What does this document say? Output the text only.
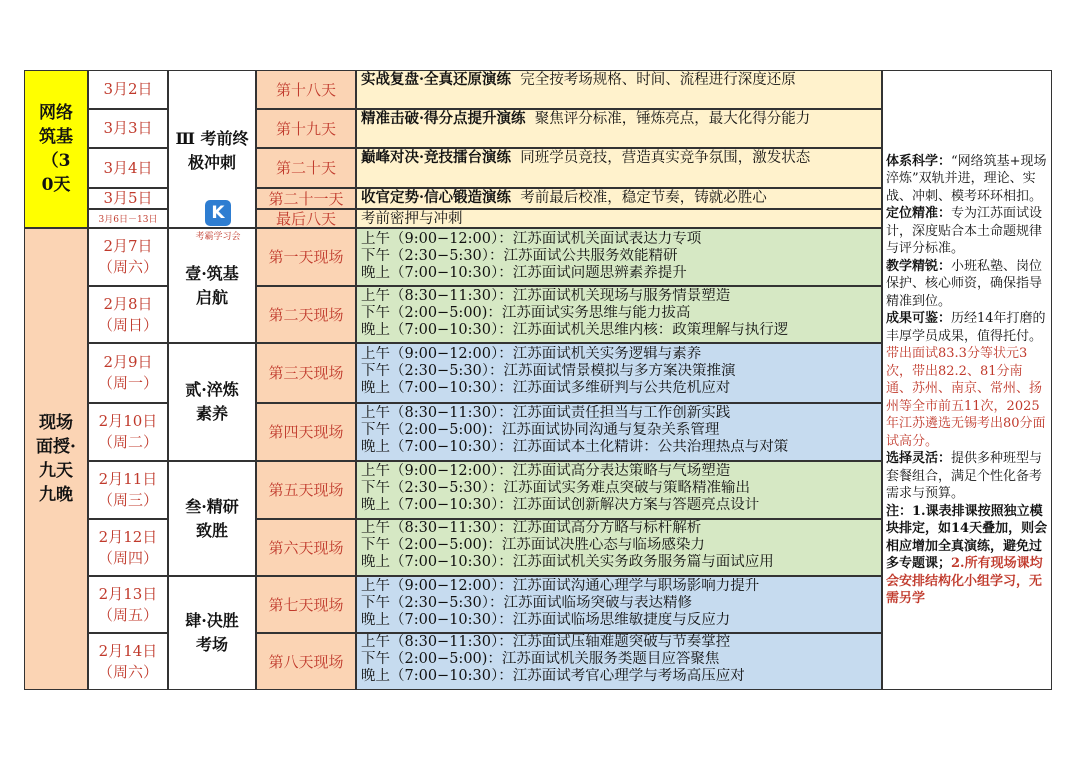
网络筑基（30天
3月2日
3月3日
3月4日
3月5日
3月6日－13日
Ⅲ 考前终极冲刺
第十八天
第十九天
第二十天
第二十一天
最后八天
实战复盘·全真还原演练 完全按考场规格、时间、流程进行深度还原
精准击破·得分点提升演练 聚焦评分标准，锤炼亮点，最大化得分能力
巅峰对决·竞技擂台演练 同班学员竞技，营造真实竞争氛围，激发状态
收官定势·信心锻造演练 考前最后校准，稳定节奏，铸就必胜心
考前密押与冲刺
现场面授·九天九晚
2月7日
（周六）
2月8日
（周日）
2月9日
（周一）
2月10日
（周二）
2月11日
（周三）
2月12日
（周四）
2月13日
（周五）
2月14日
（周六）
壹·筑基启航
贰·淬炼素养
叁·精研致胜
肆·决胜考场
K
考霸学习会
第一天现场
第二天现场
第三天现场
第四天现场
第五天现场
第六天现场
第七天现场
第八天现场
上午（9:00−12:00）：江苏面试机关面试表达力专项
下午（2:30−5:30）：江苏面试公共服务效能精研
晚上（7:00−10:30）：江苏面试问题思辨素养提升
上午（8:30−11:30）：江苏面试机关现场与服务情景塑造
下午（2:00−5:00)：江苏面试实务思维与能力拔高
晚上（7:00−10:30）：江苏面试机关思维内核：政策理解与执行逻
上午（9:00−12:00）：江苏面试机关实务逻辑与素养
下午（2:30−5:30）：江苏面试情景模拟与多方案决策推演
晚上（7:00−10:30）：江苏面试多维研判与公共危机应对
上午（8:30−11:30）：江苏面试责任担当与工作创新实践
下午（2:00−5:00)：江苏面试协同沟通与复杂关系管理
晚上（7:00−10:30）：江苏面试本土化精讲：公共治理热点与对策
上午（9:00−12:00）：江苏面试高分表达策略与气场塑造
下午（2:30−5:30）：江苏面试实务难点突破与策略精准输出
晚上（7:00−10:30）：江苏面试创新解决方案与答题亮点设计
上午（8:30−11:30）：江苏面试高分方略与标杆解析
下午（2:00−5:00)：江苏面试决胜心态与临场感染力
晚上（7:00−10:30）：江苏面试机关实务政务服务篇与面试应用
上午（9:00−12:00）：江苏面试沟通心理学与职场影响力提升
下午（2:30−5:30）：江苏面试临场突破与表达精修
晚上（7:00−10:30）：江苏面试临场思维敏捷度与反应力
上午（8:30−11:30）：江苏面试压轴难题突破与节奏掌控
下午（2:00−5:00)：江苏面试机关服务类题目应答聚焦
晚上（7:00−10:30）：江苏面试考官心理学与考场高压应对

体系科学：“网络筑基+现场淬炼”双轨并进，理论、实战、冲刺、模考环环相扣。

定位精准：专为江苏面试设计，深度贴合本土命题规律与评分标准。

教学精锐：小班私塾、岗位保护、核心师资，确保指导精准到位。

成果可鉴：历经14年打磨的丰厚学员成果，值得托付。带出面试83.3分等状元3次，带出82.2、81分南通、苏州、南京、常州、扬州等全市前五11次，2025年江苏遴选无锡考出80分面试高分。

选择灵活：提供多种班型与套餐组合，满足个性化备考需求与预算。

注：1.课表排课按照独立模块排定，如14天叠加，则会相应增加全真演练，避免过多专题课；2.所有现场课均会安排结构化小组学习，无需另学
